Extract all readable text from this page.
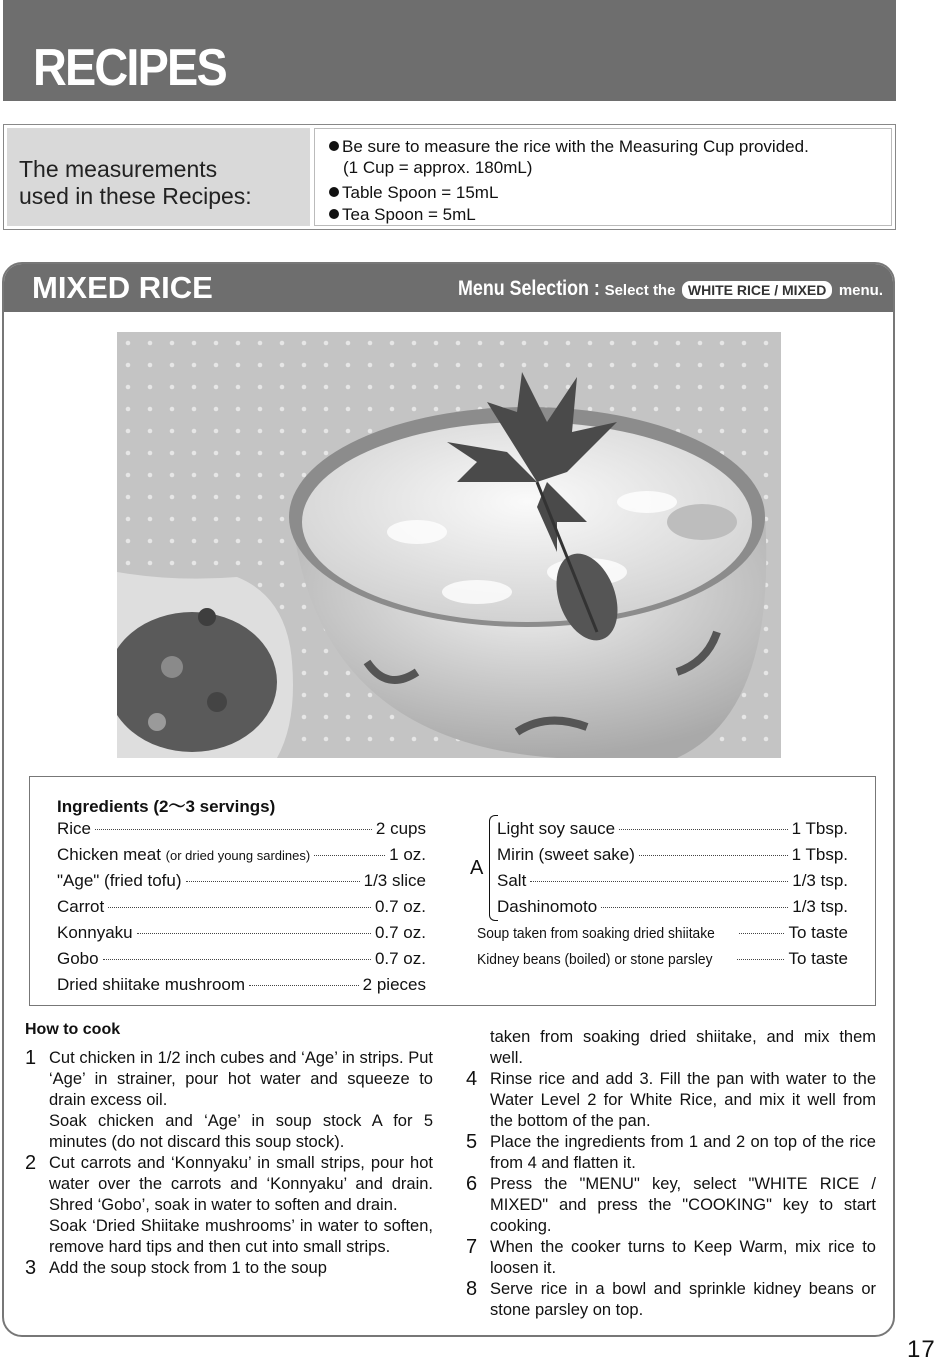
RECIPES
The measurements
used in these Recipes:
Be sure to measure the rice with the Measuring Cup provided.
(1 Cup = approx. 180mL)
Table Spoon = 15mL
Tea Spoon = 5mL
MIXED RICE	Menu Selection : Select the WHITE RICE / MIXED menu.
Ingredients (2〜3 servings)
Rice	2 cups
Chicken meat
(or dried young sardines)	1 oz.
"Age" (fried tofu)	1/3 slice
Carrot	0.7 oz.
Konnyaku	0.7 oz.
Gobo	0.7 oz.
Dried shiitake mushroom	2 pieces
A
Light soy sauce	1 Tbsp.
Mirin (sweet sake)	1 Tbsp.
Salt	1/3 tsp.
Dashinomoto	1/3 tsp.
Soup taken from soaking dried shiitake	To taste
Kidney beans (boiled) or stone parsley	To taste
How to cook
1 Cut chicken in 1/2 inch cubes and ‘Age’ in strips. Put ‘Age’ in strainer, pour hot water and squeeze to drain excess oil.
Soak chicken and ‘Age’ in soup stock A for 5 minutes (do not discard this soup stock).
2 Cut carrots and ‘Konnyaku’ in small strips, pour hot water over the carrots and ‘Konnyaku’ and drain. Shred ‘Gobo’, soak in water to soften and drain.
Soak ‘Dried Shiitake mushrooms’ in water to soften, remove hard tips and then cut into small strips.
3 Add the soup stock from 1 to the soup
taken from soaking dried shiitake, and mix them well.
4 Rinse rice and add 3. Fill the pan with water to the Water Level 2 for White Rice, and mix it well from the bottom of the pan.
5 Place the ingredients from 1 and 2 on top of the rice from 4 and flatten it.
6 Press the "MENU" key, select "WHITE RICE / MIXED" and press the "COOKING" key to start cooking.
7 When the cooker turns to Keep Warm, mix rice to loosen it.
8 Serve rice in a bowl and sprinkle kidney beans or stone parsley on top.
17
